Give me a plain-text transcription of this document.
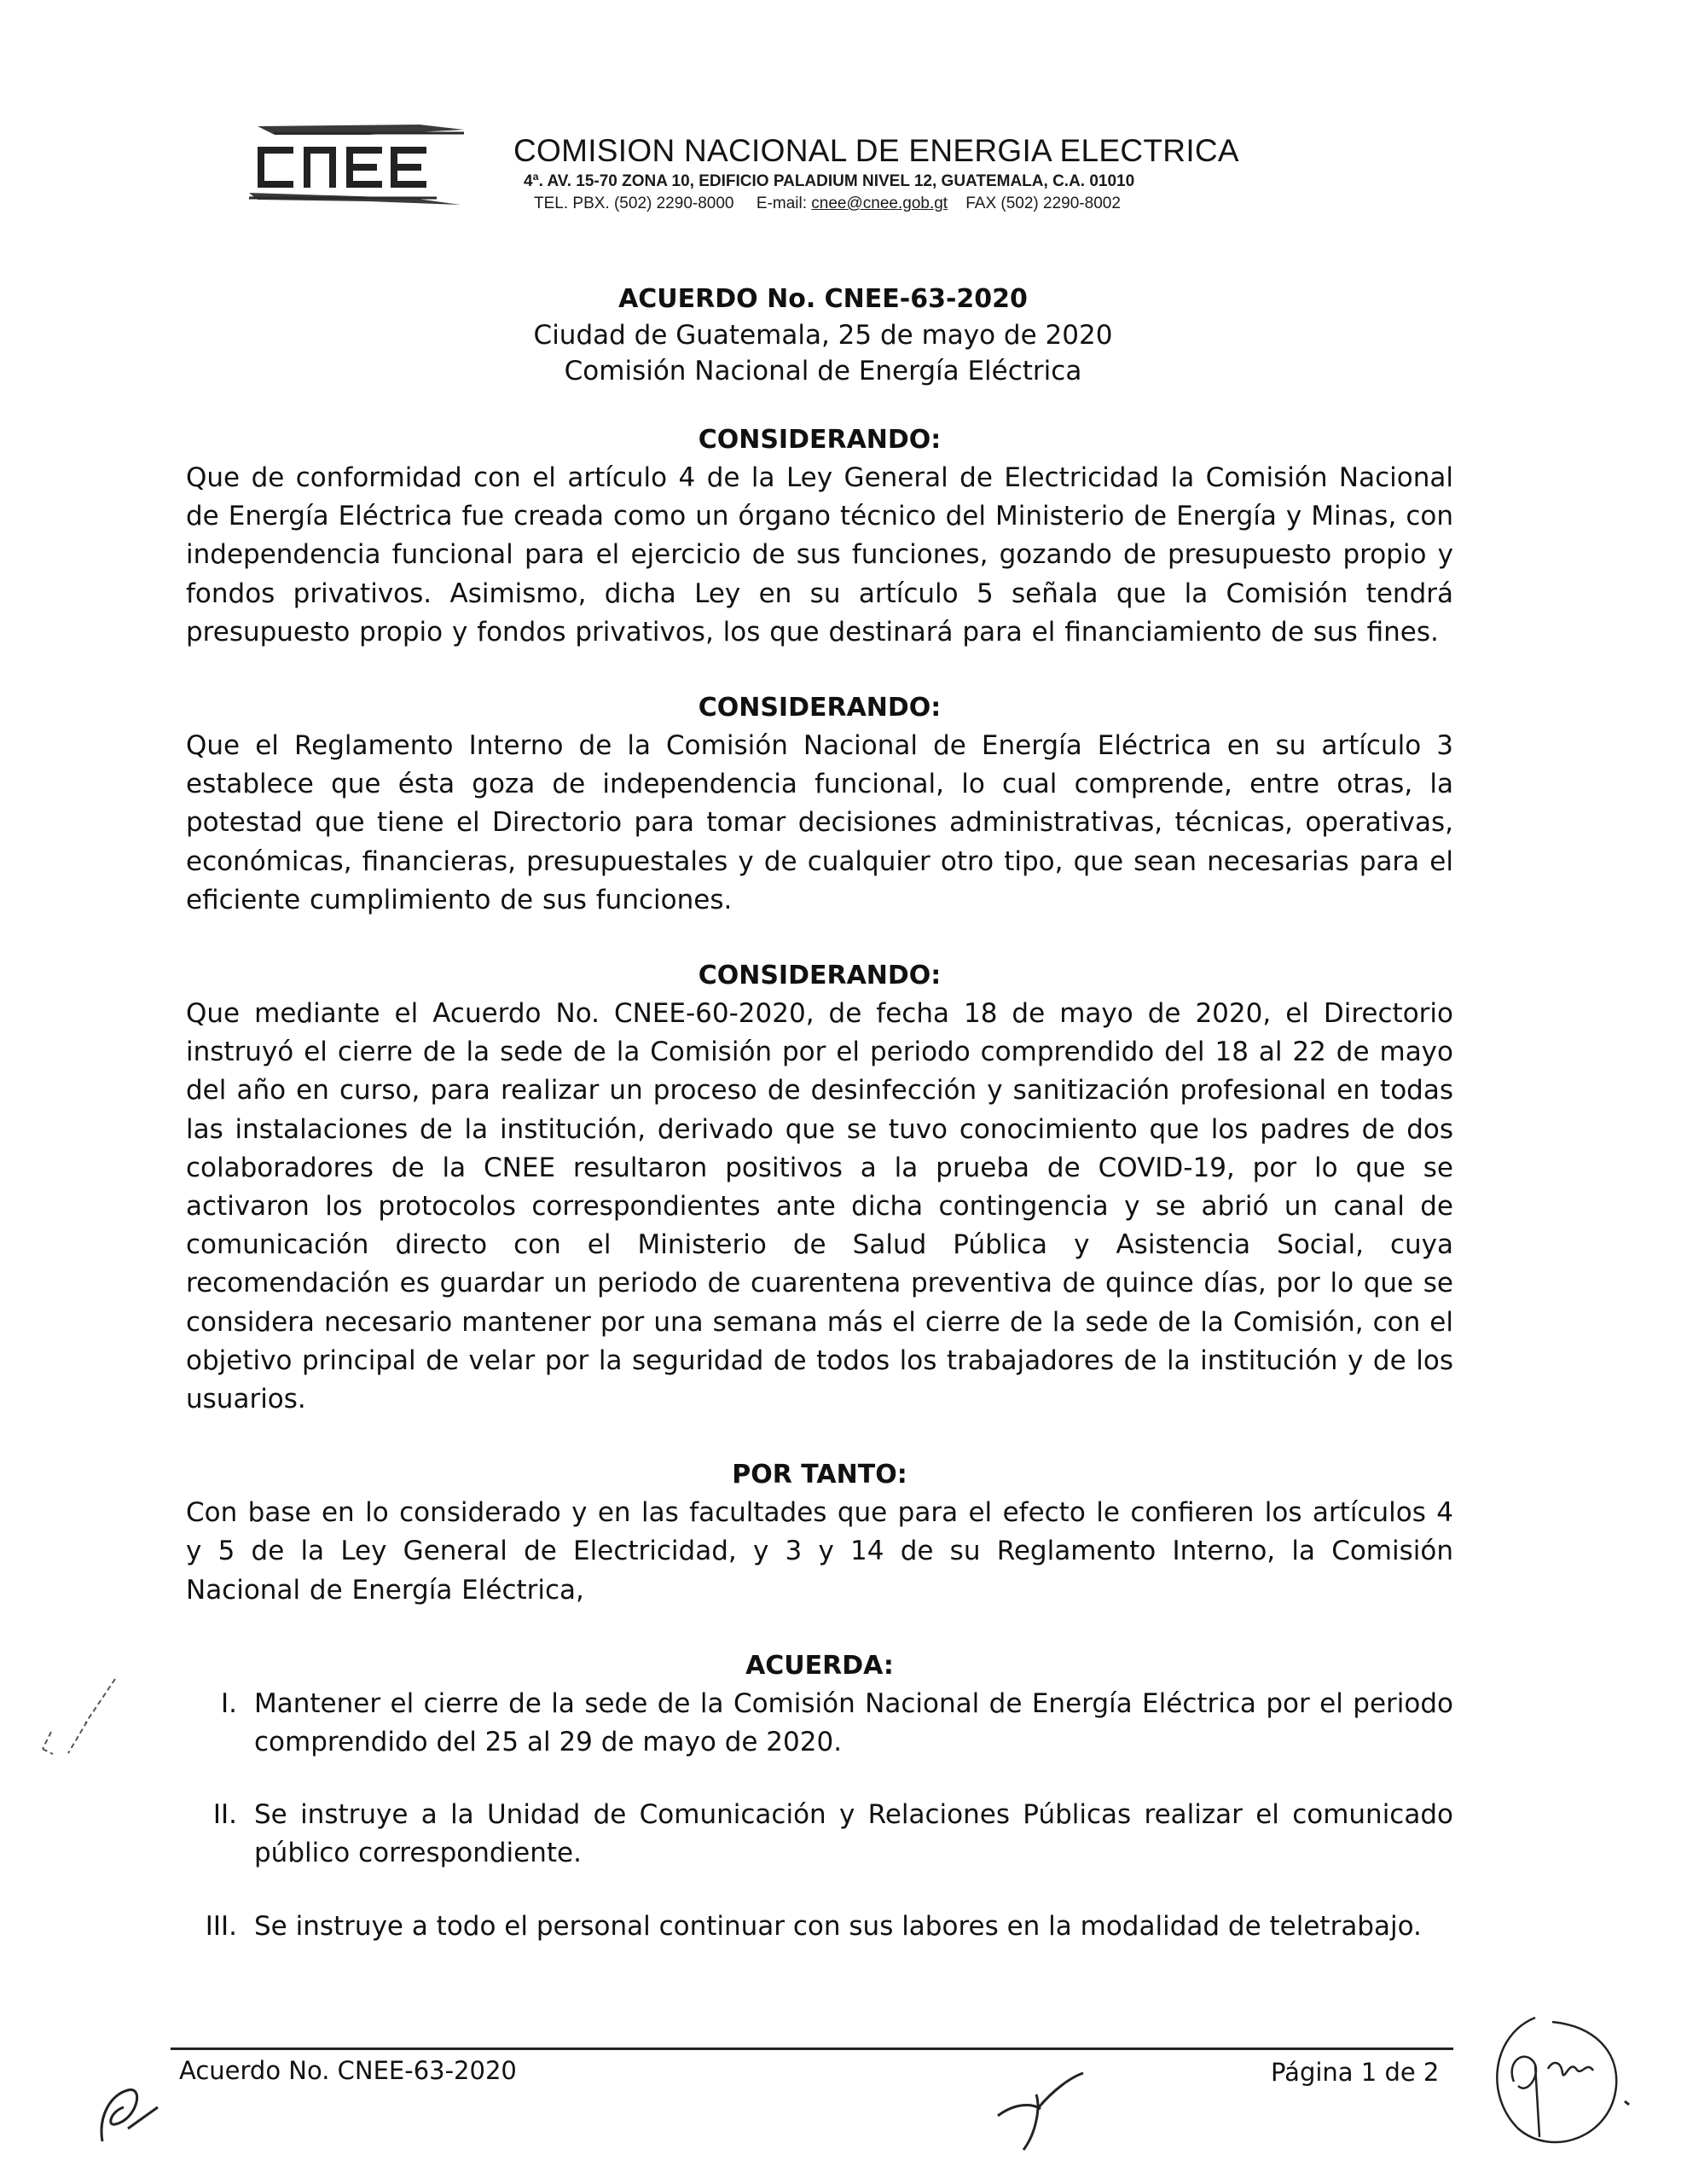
CNEE
COMISION NACIONAL DE ENERGIA ELECTRICA
4ª. AV. 15-70 ZONA 10, EDIFICIO PALADIUM NIVEL 12, GUATEMALA, C.A. 01010
TEL. PBX. (502) 2290-8000 E-mail: cnee@cnee.gob.gt FAX (502) 2290-8002
ACUERDO No. CNEE-63-2020
Ciudad de Guatemala, 25 de mayo de 2020
Comisión Nacional de Energía Eléctrica

CONSIDERANDO:

Que de conformidad con el artículo 4 de la Ley General de Electricidad la Comisión Nacional de Energía Eléctrica fue creada como un órgano técnico del Ministerio de Energía y Minas, con independencia funcional para el ejercicio de sus funciones, gozando de presupuesto propio y fondos privativos. Asimismo, dicha Ley en su artículo 5 señala que la Comisión tendrá presupuesto propio y fondos privativos, los que destinará para el financiamiento de sus fines.

CONSIDERANDO:

Que el Reglamento Interno de la Comisión Nacional de Energía Eléctrica en su artículo 3 establece que ésta goza de independencia funcional, lo cual comprende, entre otras, la potestad que tiene el Directorio para tomar decisiones administrativas, técnicas, operativas, económicas, financieras, presupuestales y de cualquier otro tipo, que sean necesarias para el eficiente cumplimiento de sus funciones.

CONSIDERANDO:

Que mediante el Acuerdo No. CNEE-60-2020, de fecha 18 de mayo de 2020, el Directorio instruyó el cierre de la sede de la Comisión por el periodo comprendido del 18 al 22 de mayo del año en curso, para realizar un proceso de desinfección y sanitización profesional en todas las instalaciones de la institución, derivado que se tuvo conocimiento que los padres de dos colaboradores de la CNEE resultaron positivos a la prueba de COVID-19, por lo que se activaron los protocolos correspondientes ante dicha contingencia y se abrió un canal de comunicación directo con el Ministerio de Salud Pública y Asistencia Social, cuya recomendación es guardar un periodo de cuarentena preventiva de quince días, por lo que se considera necesario mantener por una semana más el cierre de la sede de la Comisión, con el objetivo principal de velar por la seguridad de todos los trabajadores de la institución y de los usuarios.

POR TANTO:

Con base en lo considerado y en las facultades que para el efecto le confieren los artículos 4 y 5 de la Ley General de Electricidad, y 3 y 14 de su Reglamento Interno, la Comisión Nacional de Energía Eléctrica,

ACUERDA:

I. Mantener el cierre de la sede de la Comisión Nacional de Energía Eléctrica por el periodo comprendido del 25 al 29 de mayo de 2020.
II. Se instruye a la Unidad de Comunicación y Relaciones Públicas realizar el comunicado público correspondiente.
III. Se instruye a todo el personal continuar con sus labores en la modalidad de teletrabajo.
Acuerdo No. CNEE-63-2020	Página 1 de 2
